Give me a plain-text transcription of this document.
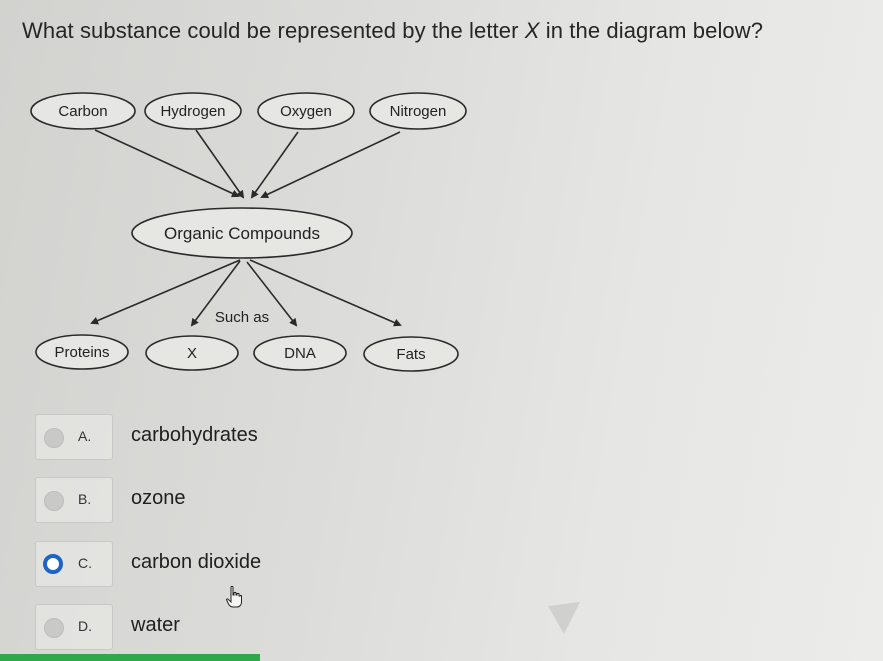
What substance could be represented by the letter X in the diagram below?
Carbon	Hydrogen	Oxygen	Nitrogen
Organic Compounds
Such as
Proteins	X	DNA	Fats
A. carbohydrates
B. ozone
C. carbon dioxide
D. water
